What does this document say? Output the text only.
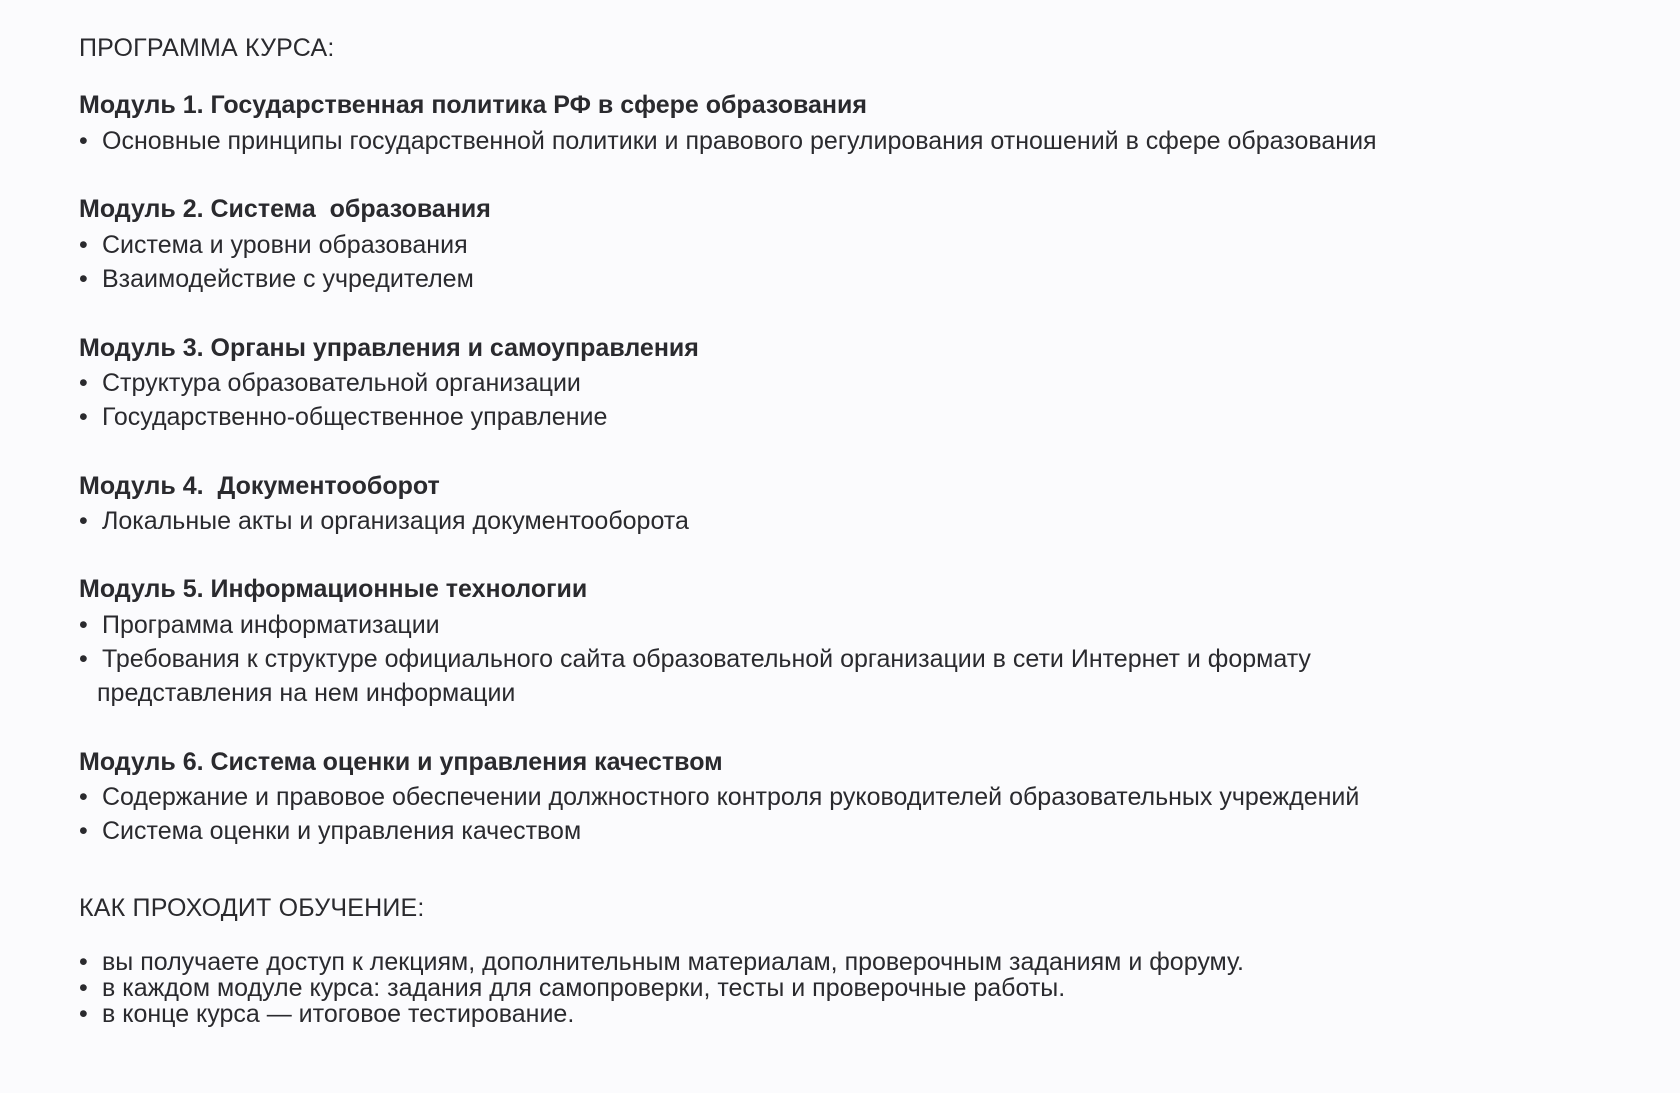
ПРОГРАММА КУРСА:
Модуль 1. Государственная политика РФ в сфере образования

• Основные принципы государственной политики и правового регулирования отношений в сфере образования

Модуль 2. Система  образования

• Система и уровни образования

• Взаимодействие с учредителем

Модуль 3. Органы управления и самоуправления

• Структура образовательной организации

• Государственно-общественное управление

Модуль 4.  Документооборот

• Локальные акты и организация документооборота

Модуль 5. Информационные технологии

• Программа информатизации

• Требования к структуре официального сайта образовательной организации в сети Интернет и формату

представления на нем информации

Модуль 6. Система оценки и управления качеством

• Содержание и правовое обеспечении должностного контроля руководителей образовательных учреждений

• Система оценки и управления качеством

КАК ПРОХОДИТ ОБУЧЕНИЕ:

• вы получаете доступ к лекциям, дополнительным материалам, проверочным заданиям и форуму.

• в каждом модуле курса: задания для самопроверки, тесты и проверочные работы.

• в конце курса — итоговое тестирование.
